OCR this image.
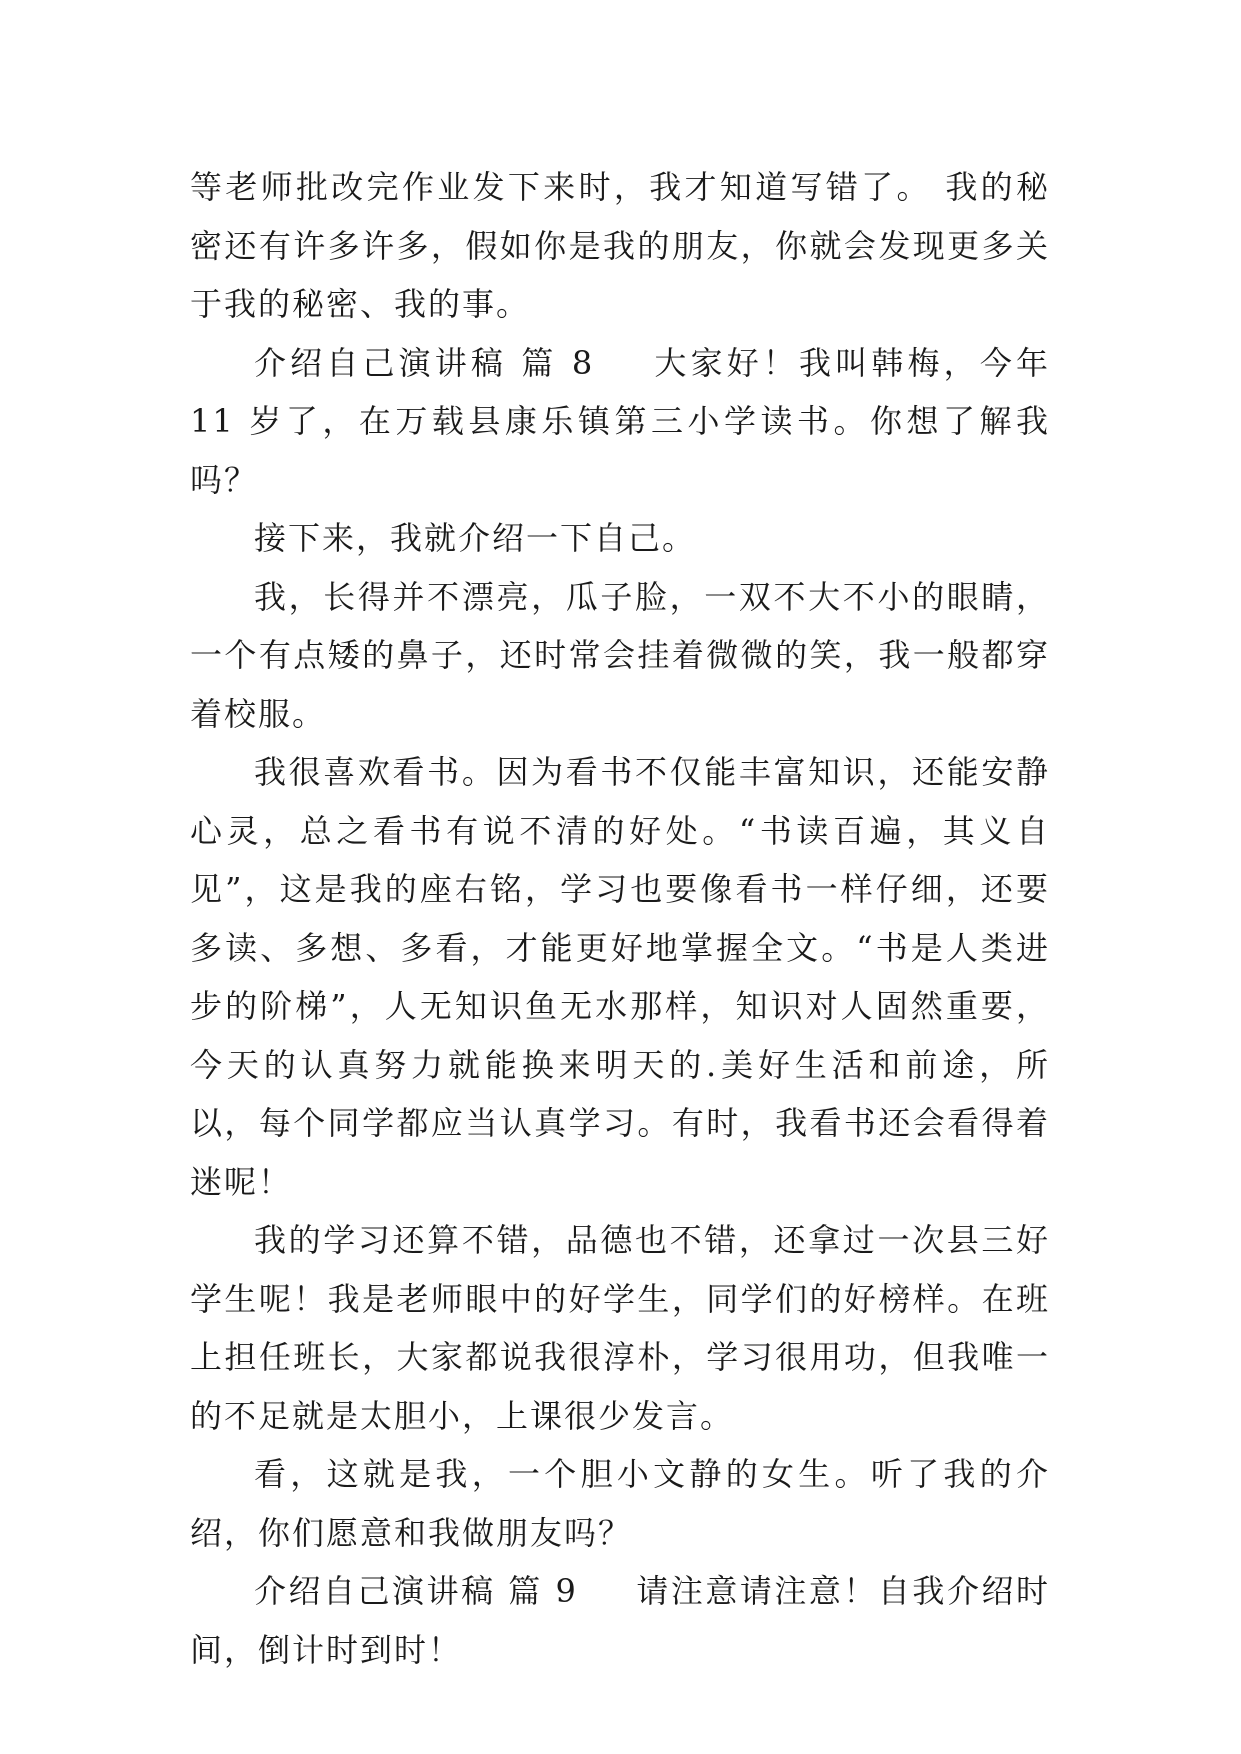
等老师批改完作业发下来时，我才知道写错了。 我的秘密还有许多许多，假如你是我的朋友，你就会发现更多关于我的秘密、我的事。

介绍自己演讲稿 篇 8 大家好！我叫韩梅，今年 11 岁了，在万载县康乐镇第三小学读书。你想了解我吗？

接下来，我就介绍一下自己。

我，长得并不漂亮，瓜子脸，一双不大不小的眼睛，一个有点矮的鼻子，还时常会挂着微微的笑，我一般都穿着校服。

我很喜欢看书。因为看书不仅能丰富知识，还能安静心灵，总之看书有说不清的好处。“书读百遍，其义自见”，这是我的座右铭，学习也要像看书一样仔细，还要多读、多想、多看，才能更好地掌握全文。“书是人类进步的阶梯”，人无知识鱼无水那样，知识对人固然重要，今天的认真努力就能换来明天的.美好生活和前途，所以，每个同学都应当认真学习。有时，我看书还会看得着迷呢！

我的学习还算不错，品德也不错，还拿过一次县三好学生呢！我是老师眼中的好学生，同学们的好榜样。在班上担任班长，大家都说我很淳朴，学习很用功，但我唯一的不足就是太胆小，上课很少发言。

看，这就是我，一个胆小文静的女生。听了我的介绍，你们愿意和我做朋友吗？

介绍自己演讲稿 篇 9 请注意请注意！自我介绍时间，倒计时到时！
